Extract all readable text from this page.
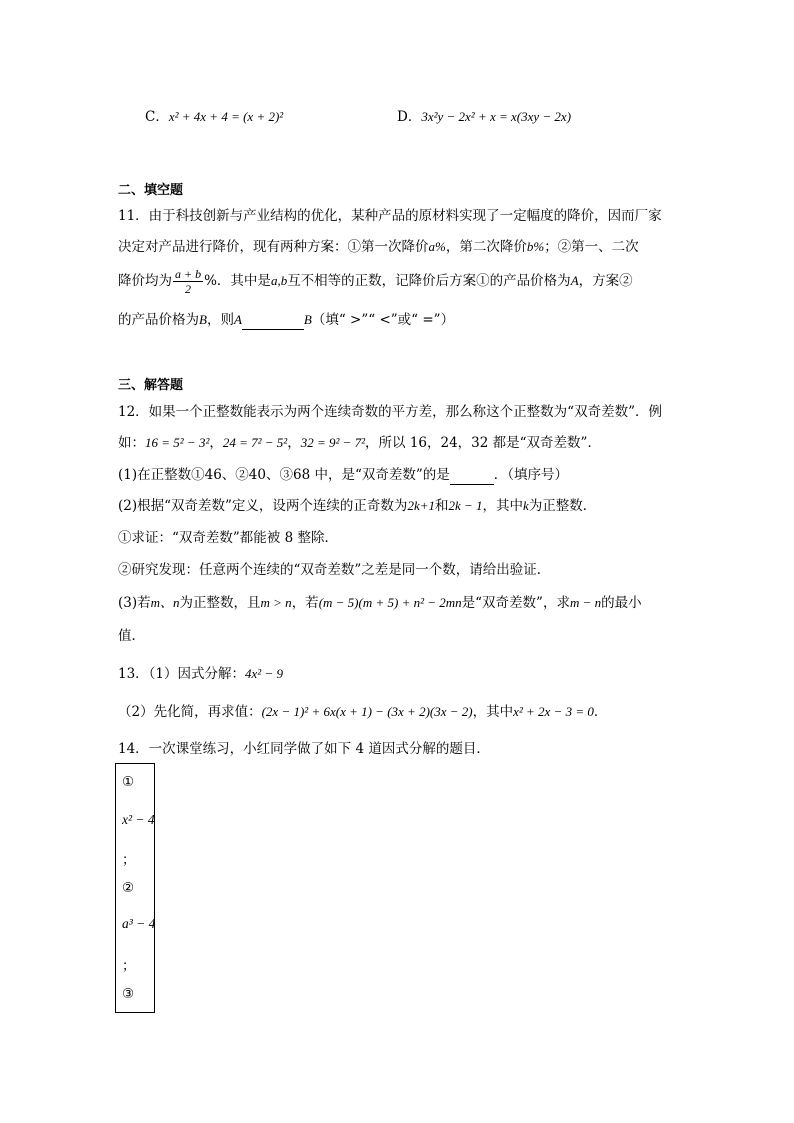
C．x² + 4x + 4 = (x + 2)²	D．3x²y − 2x² + x = x(3xy − 2x)
二、填空题
11．由于科技创新与产业结构的优化，某种产品的原材料实现了一定幅度的降价，因而厂家
决定对产品进行降价，现有两种方案：①第一次降价a%，第二次降价b%；②第一、二次
降价均为 $\frac{a + b}{2}$ %．其中是a,b互不相等的正数，记降价后方案①的产品价格为A，方案②
的产品价格为B，则A	B（填“ >”“ <”或“ =”）
三、解答题
12．如果一个正整数能表示为两个连续奇数的平方差，那么称这个正整数为“双奇差数”．例
如：16 = 5² − 3²，24 = 7² − 5²，32 = 9² − 7²，所以 16，24，32 都是“双奇差数”．
(1)在正整数①46、②40、③68 中，是“双奇差数”的是	．（填序号）
(2)根据“双奇差数”定义，设两个连续的正奇数为2k+1和2k − 1，其中k为正整数．
①求证：“双奇差数”都能被 8 整除．
②研究发现：任意两个连续的“双奇差数”之差是同一个数，请给出验证．
(3)若m、n为正整数，且m > n，若(m − 5)(m + 5) + n² − 2mn是“双奇差数”，求m − n的最小
值．
13．（1）因式分解：4x² − 9
（2）先化简，再求值：(2x − 1)² + 6x(x + 1) − (3x + 2)(3x − 2)，其中x² + 2x − 3 = 0．
14．一次课堂练习，小红同学做了如下 4 道因式分解的题目．
①
x² − 4
；
②
a³ − 4
；
③
